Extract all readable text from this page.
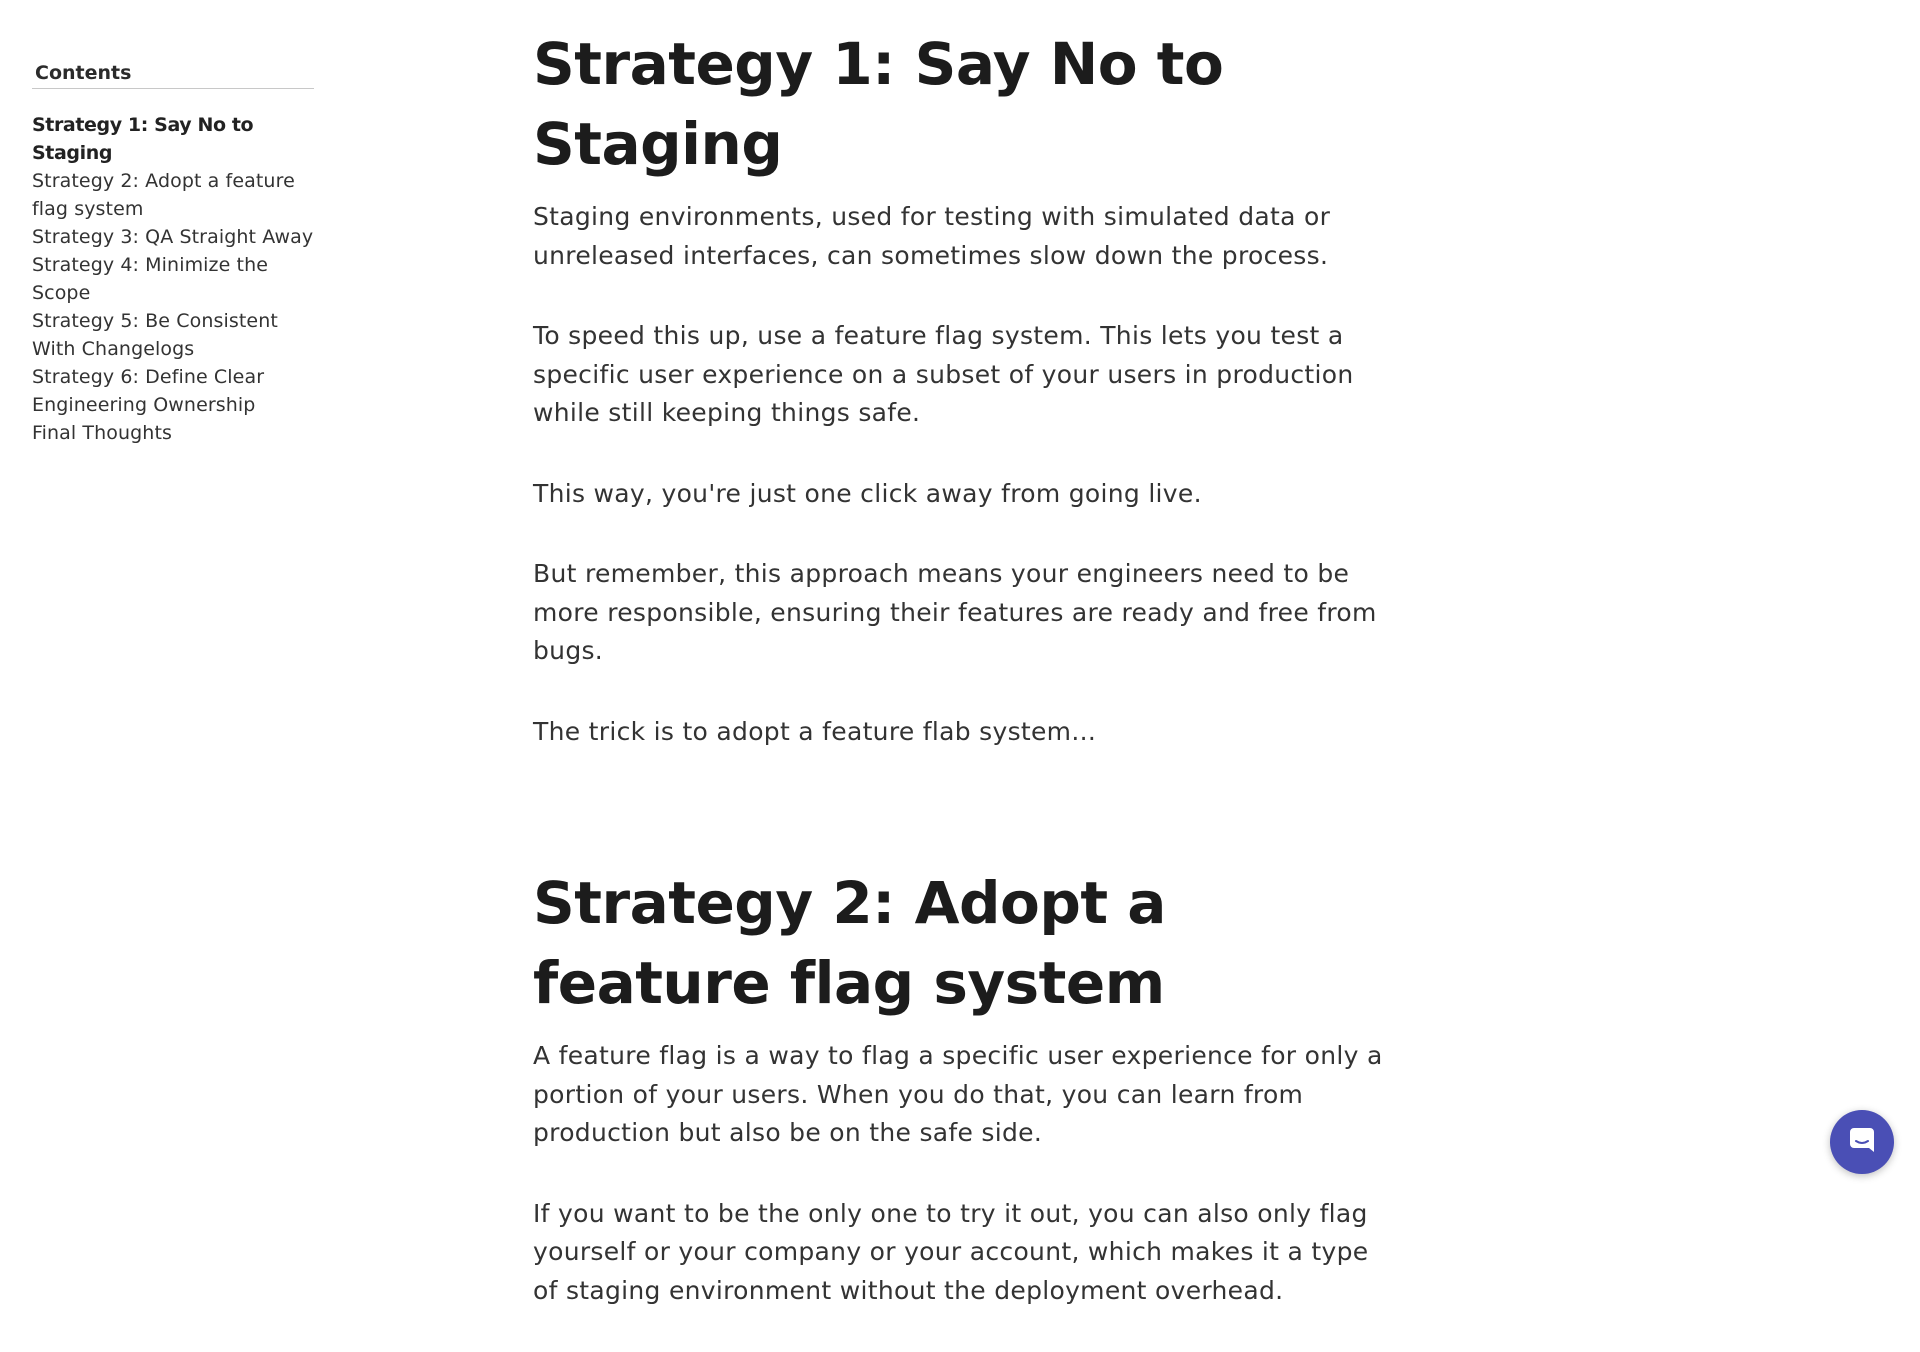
Contents
Strategy 1: Say No to Staging
Strategy 2: Adopt a feature flag system
Strategy 3: QA Straight Away
Strategy 4: Minimize the Scope
Strategy 5: Be Consistent With Changelogs
Strategy 6: Define Clear Engineering Ownership
Final Thoughts
Strategy 1: Say No to Staging

Staging environments, used for testing with simulated data or unreleased interfaces, can sometimes slow down the process.

To speed this up, use a feature flag system. This lets you test a specific user experience on a subset of your users in production while still keeping things safe.

This way, you're just one click away from going live.

But remember, this approach means your engineers need to be more responsible, ensuring their features are ready and free from bugs.

The trick is to adopt a feature flab system...

Strategy 2: Adopt a feature flag system

A feature flag is a way to flag a specific user experience for only a portion of your users. When you do that, you can learn from production but also be on the safe side.

If you want to be the only one to try it out, you can also only flag yourself or your company or your account, which makes it a type of staging environment without the deployment overhead.
